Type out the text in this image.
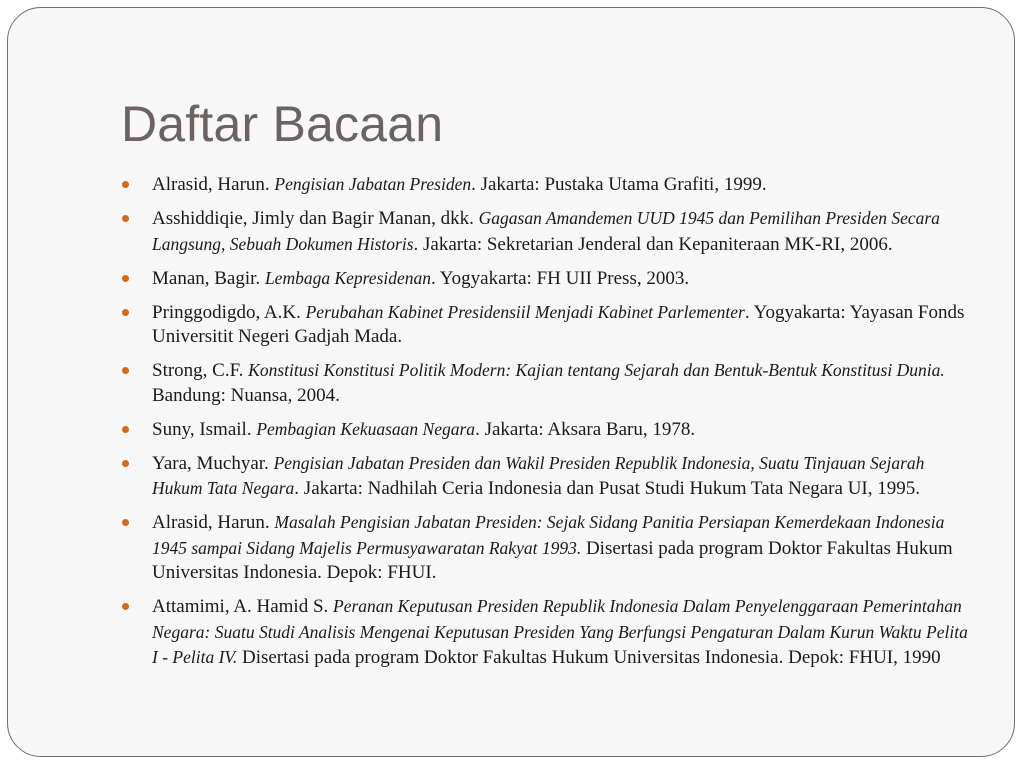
Daftar Bacaan
Alrasid, Harun. Pengisian Jabatan Presiden. Jakarta: Pustaka Utama Grafiti, 1999.
Asshiddiqie, Jimly dan Bagir Manan, dkk. Gagasan Amandemen UUD 1945 dan Pemilihan Presiden Secara Langsung, Sebuah Dokumen Historis. Jakarta: Sekretarian Jenderal dan Kepaniteraan MK-RI, 2006.
Manan, Bagir. Lembaga Kepresidenan. Yogyakarta: FH UII Press, 2003.
Pringgodigdo, A.K. Perubahan Kabinet Presidensiil Menjadi Kabinet Parlementer. Yogyakarta: Yayasan Fonds Universitit Negeri Gadjah Mada.
Strong, C.F. Konstitusi Konstitusi Politik Modern: Kajian tentang Sejarah dan Bentuk-Bentuk Konstitusi Dunia. Bandung: Nuansa, 2004.
Suny, Ismail. Pembagian Kekuasaan Negara. Jakarta: Aksara Baru, 1978.
Yara, Muchyar. Pengisian Jabatan Presiden dan Wakil Presiden Republik Indonesia, Suatu Tinjauan Sejarah Hukum Tata Negara. Jakarta: Nadhilah Ceria Indonesia dan Pusat Studi Hukum Tata Negara UI, 1995.
Alrasid, Harun. Masalah Pengisian Jabatan Presiden: Sejak Sidang Panitia Persiapan Kemerdekaan Indonesia 1945 sampai Sidang Majelis Permusyawaratan Rakyat 1993. Disertasi pada program Doktor Fakultas Hukum Universitas Indonesia. Depok: FHUI.
Attamimi, A. Hamid S. Peranan Keputusan Presiden Republik Indonesia Dalam Penyelenggaraan Pemerintahan Negara: Suatu Studi Analisis Mengenai Keputusan Presiden Yang Berfungsi Pengaturan Dalam Kurun Waktu Pelita I - Pelita IV. Disertasi pada program Doktor Fakultas Hukum Universitas Indonesia. Depok: FHUI, 1990
